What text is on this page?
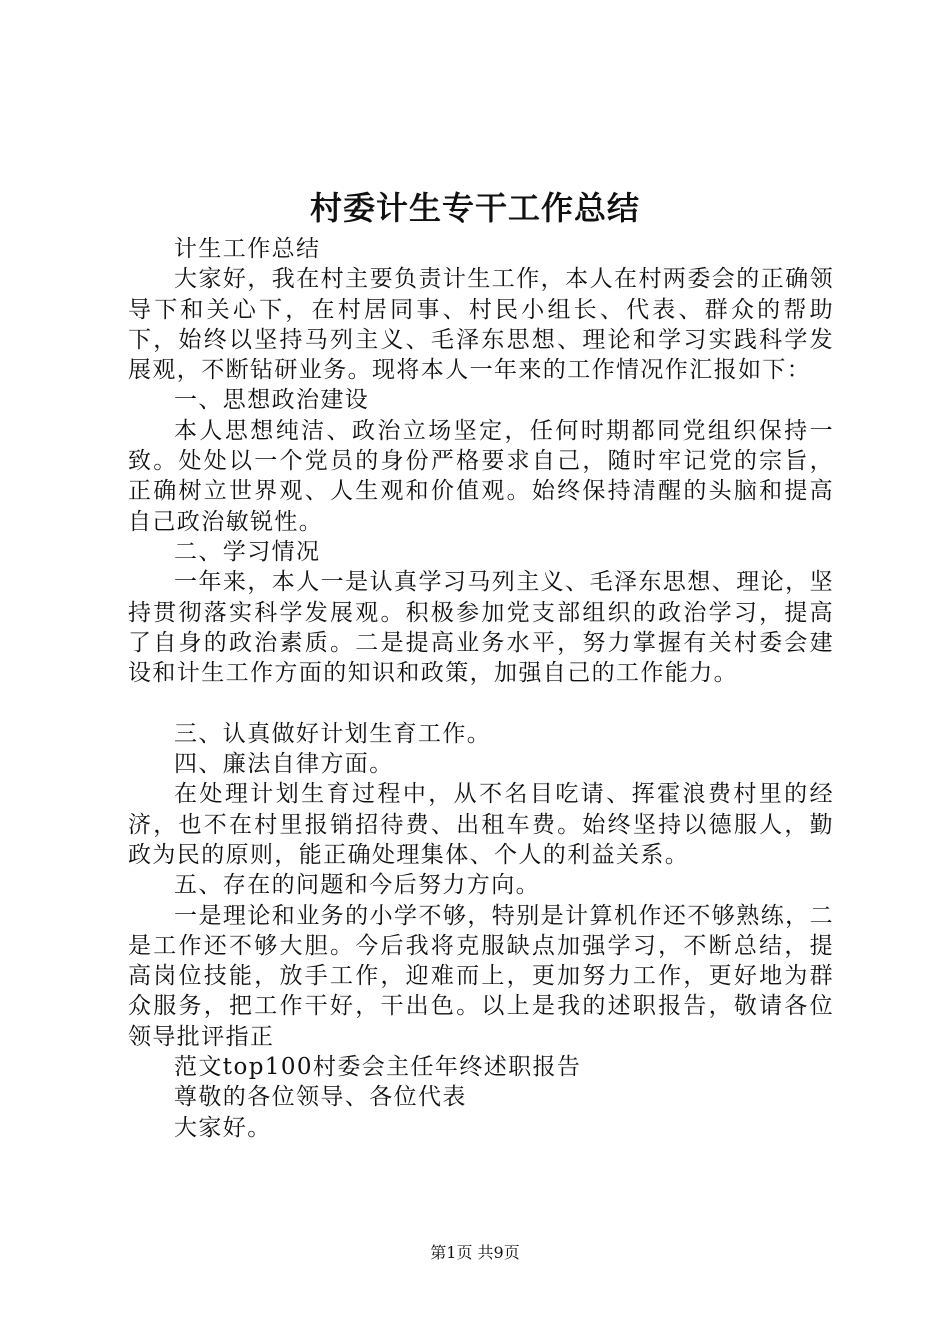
村委计生专干工作总结

计生工作总结

大家好，我在村主要负责计生工作，本人在村两委会的正确领导下和关心下，在村居同事、村民小组长、代表、群众的帮助下，始终以坚持马列主义、毛泽东思想、理论和学习实践科学发展观，不断钻研业务。现将本人一年来的工作情况作汇报如下：

一、思想政治建设

本人思想纯洁、政治立场坚定，任何时期都同党组织保持一致。处处以一个党员的身份严格要求自己，随时牢记党的宗旨，正确树立世界观、人生观和价值观。始终保持清醒的头脑和提高自己政治敏锐性。

二、学习情况

一年来，本人一是认真学习马列主义、毛泽东思想、理论，坚持贯彻落实科学发展观。积极参加党支部组织的政治学习，提高了自身的政治素质。二是提高业务水平，努力掌握有关村委会建设和计生工作方面的知识和政策，加强自己的工作能力。

三、认真做好计划生育工作。

四、廉法自律方面。

在处理计划生育过程中，从不名目吃请、挥霍浪费村里的经济，也不在村里报销招待费、出租车费。始终坚持以德服人，勤政为民的原则，能正确处理集体、个人的利益关系。

五、存在的问题和今后努力方向。

一是理论和业务的小学不够，特别是计算机作还不够熟练，二是工作还不够大胆。今后我将克服缺点加强学习，不断总结，提高岗位技能，放手工作，迎难而上，更加努力工作，更好地为群众服务，把工作干好，干出色。以上是我的述职报告，敬请各位领导批评指正

范文top100村委会主任年终述职报告

尊敬的各位领导、各位代表

大家好。

第1页 共9页
